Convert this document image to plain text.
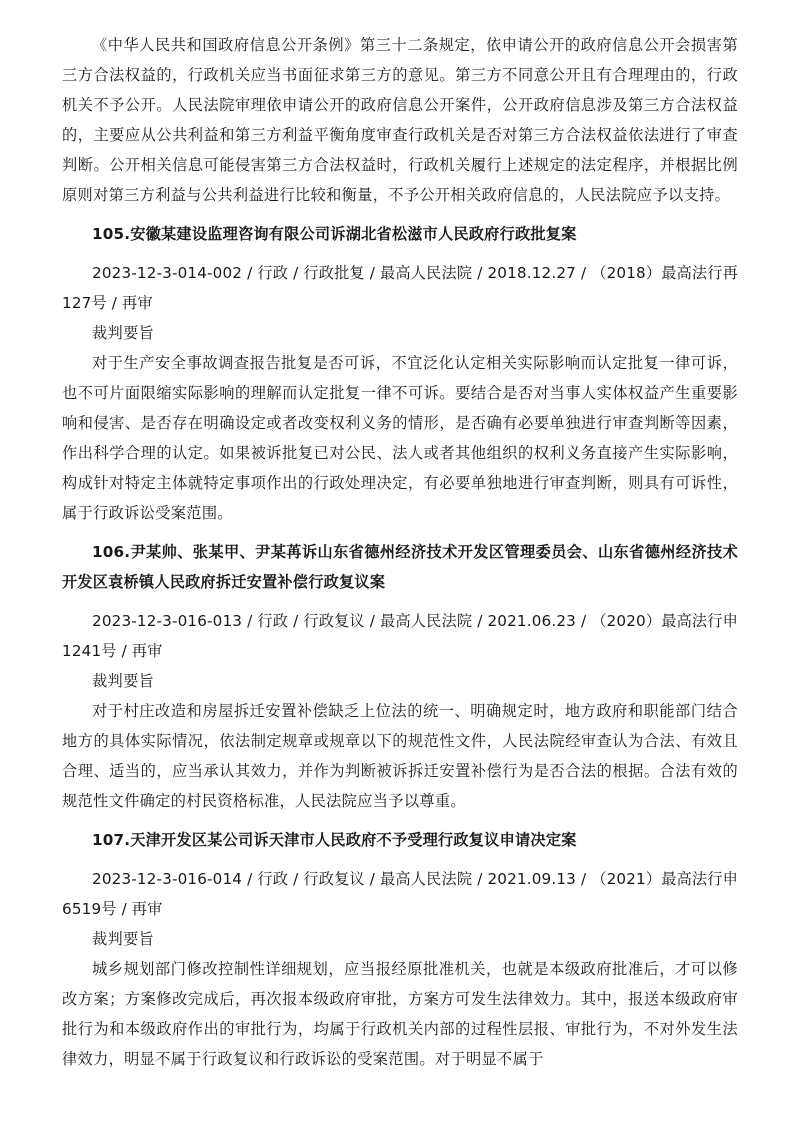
《中华人民共和国政府信息公开条例》第三十二条规定，依申请公开的政府信息公开会损害第三方合法权益的，行政机关应当书面征求第三方的意见。第三方不同意公开且有合理理由的，行政机关不予公开。人民法院审理依申请公开的政府信息公开案件，公开政府信息涉及第三方合法权益的，主要应从公共利益和第三方利益平衡角度审查行政机关是否对第三方合法权益依法进行了审查判断。公开相关信息可能侵害第三方合法权益时，行政机关履行上述规定的法定程序，并根据比例原则对第三方利益与公共利益进行比较和衡量，不予公开相关政府信息的，人民法院应予以支持。

105.安徽某建设监理咨询有限公司诉湖北省松滋市人民政府行政批复案

2023-12-3-014-002 / 行政 / 行政批复 / 最高人民法院 / 2018.12.27 / （2018）最高法行再127号 / 再审

裁判要旨

对于生产安全事故调查报告批复是否可诉，不宜泛化认定相关实际影响而认定批复一律可诉，也不可片面限缩实际影响的理解而认定批复一律不可诉。要结合是否对当事人实体权益产生重要影响和侵害、是否存在明确设定或者改变权利义务的情形，是否确有必要单独进行审查判断等因素，作出科学合理的认定。如果被诉批复已对公民、法人或者其他组织的权利义务直接产生实际影响，构成针对特定主体就特定事项作出的行政处理决定，有必要单独地进行审查判断，则具有可诉性，属于行政诉讼受案范围。

106.尹某帅、张某甲、尹某苒诉山东省德州经济技术开发区管理委员会、山东省德州经济技术开发区袁桥镇人民政府拆迁安置补偿行政复议案

2023-12-3-016-013 / 行政 / 行政复议 / 最高人民法院 / 2021.06.23 / （2020）最高法行申1241号 / 再审

裁判要旨

对于村庄改造和房屋拆迁安置补偿缺乏上位法的统一、明确规定时，地方政府和职能部门结合地方的具体实际情况，依法制定规章或规章以下的规范性文件，人民法院经审查认为合法、有效且合理、适当的，应当承认其效力，并作为判断被诉拆迁安置补偿行为是否合法的根据。合法有效的规范性文件确定的村民资格标准，人民法院应当予以尊重。

107.天津开发区某公司诉天津市人民政府不予受理行政复议申请决定案

2023-12-3-016-014 / 行政 / 行政复议 / 最高人民法院 / 2021.09.13 / （2021）最高法行申6519号 / 再审

裁判要旨

城乡规划部门修改控制性详细规划，应当报经原批准机关，也就是本级政府批准后，才可以修改方案；方案修改完成后，再次报本级政府审批，方案方可发生法律效力。其中，报送本级政府审批行为和本级政府作出的审批行为，均属于行政机关内部的过程性层报、审批行为，不对外发生法律效力，明显不属于行政复议和行政诉讼的受案范围。对于明显不属于
